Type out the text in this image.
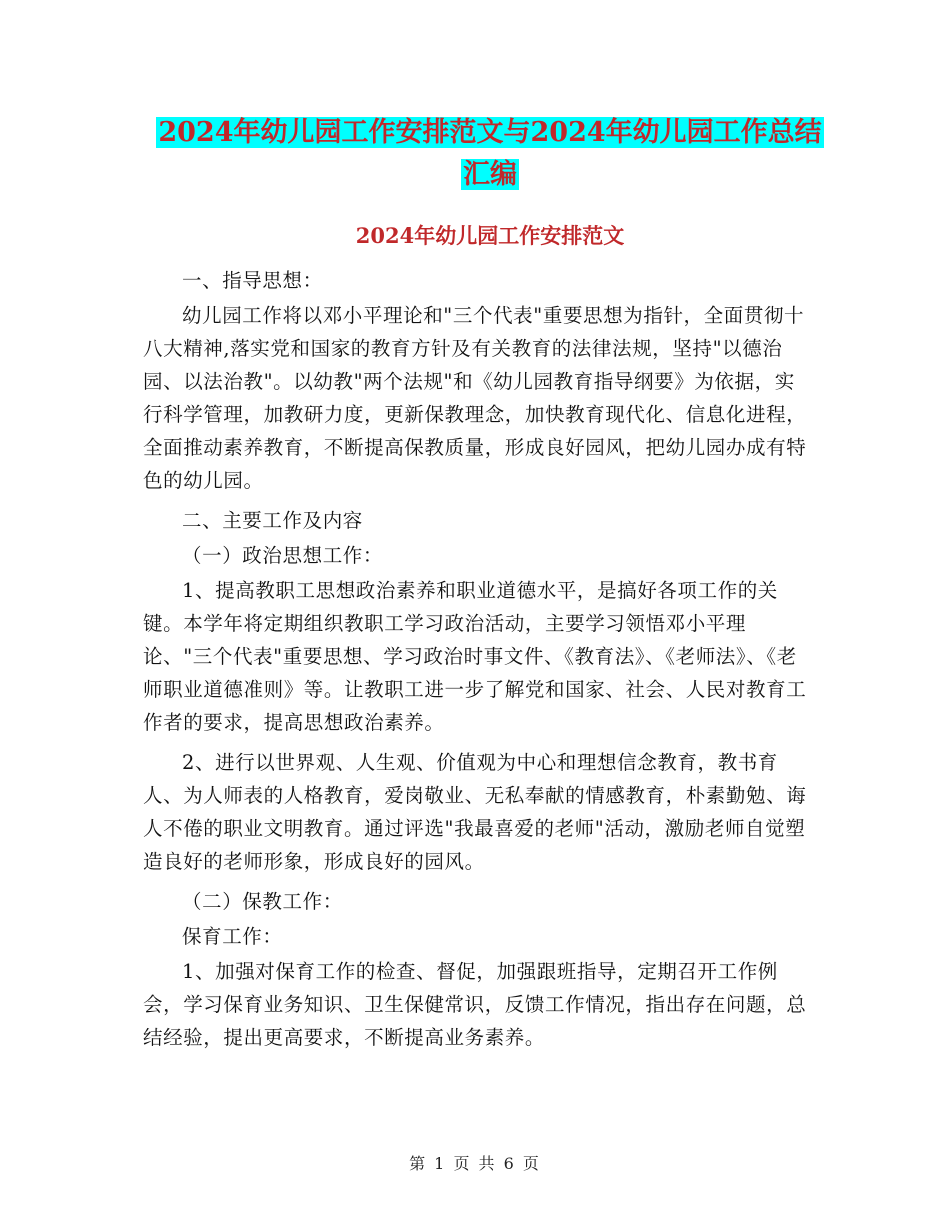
2024年幼儿园工作安排范文与2024年幼儿园工作总结
汇编
2024年幼儿园工作安排范文

一、指导思想：

幼儿园工作将以邓小平理论和"三个代表"重要思想为指针，全面贯彻十八大精神,落实党和国家的教育方针及有关教育的法律法规，坚持"以德治园、以法治教"。以幼教"两个法规"和《幼儿园教育指导纲要》为依据，实行科学管理，加教研力度，更新保教理念，加快教育现代化、信息化进程，全面推动素养教育，不断提高保教质量，形成良好园风，把幼儿园办成有特色的幼儿园。

二、主要工作及内容

（一）政治思想工作：

1、提高教职工思想政治素养和职业道德水平，是搞好各项工作的关键。本学年将定期组织教职工学习政治活动，主要学习领悟邓小平理论、"三个代表"重要思想、学习政治时事文件、《教育法》、《老师法》、《老师职业道德准则》等。让教职工进一步了解党和国家、社会、人民对教育工作者的要求，提高思想政治素养。

2、进行以世界观、人生观、价值观为中心和理想信念教育，教书育人、为人师表的人格教育，爱岗敬业、无私奉献的情感教育，朴素勤勉、诲人不倦的职业文明教育。通过评选"我最喜爱的老师"活动，激励老师自觉塑造良好的老师形象，形成良好的园风。

（二）保教工作：

保育工作：

1、加强对保育工作的检查、督促，加强跟班指导，定期召开工作例会，学习保育业务知识、卫生保健常识，反馈工作情况，指出存在问题，总结经验，提出更高要求，不断提高业务素养。

第 1 页 共 6 页
